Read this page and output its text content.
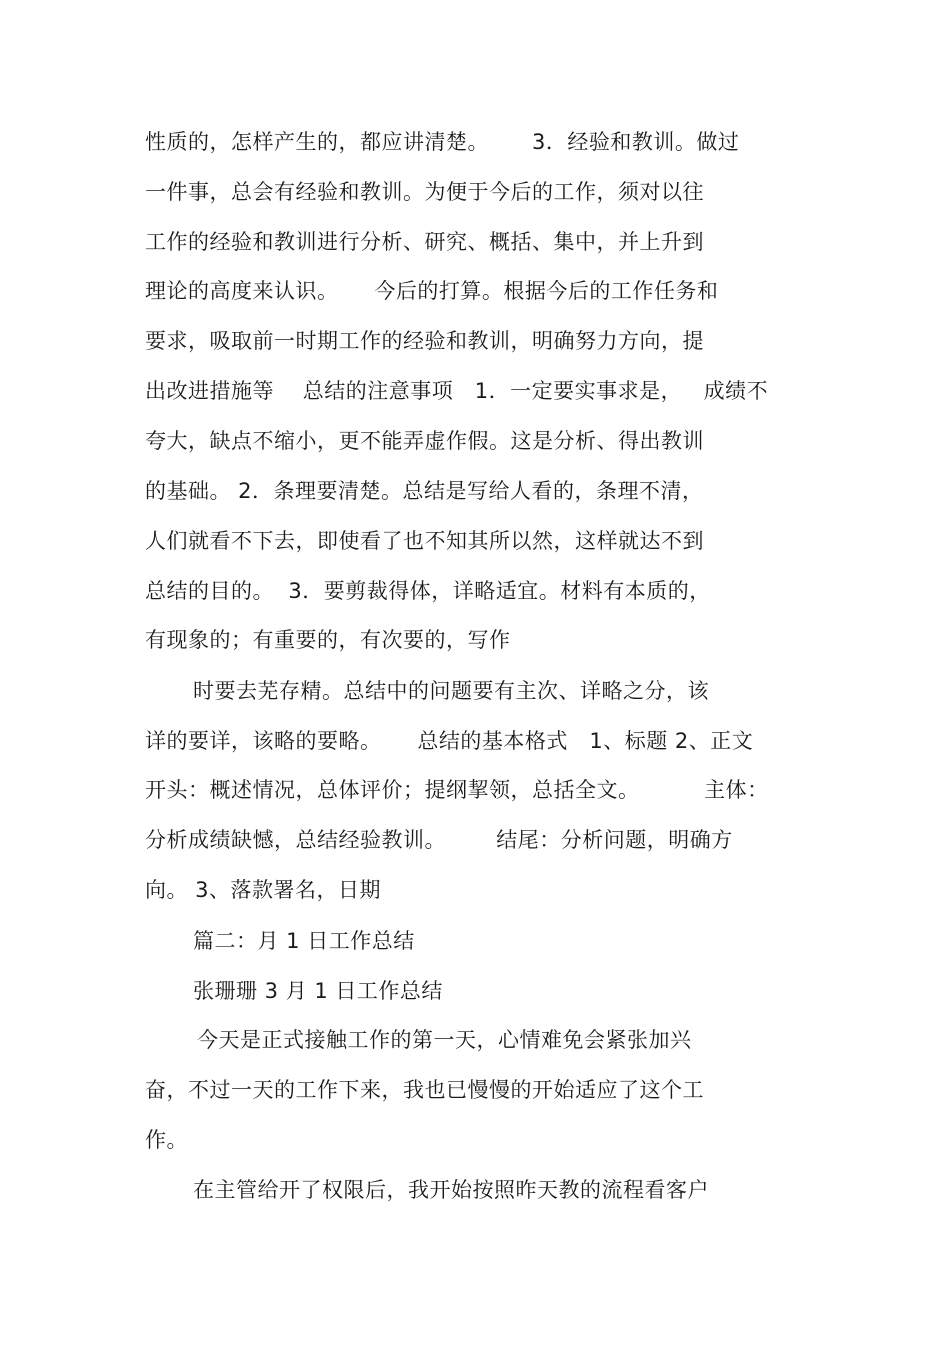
性质的，怎样产生的，都应讲清楚。      3．经验和教训。做过
一件事，总会有经验和教训。为便于今后的工作，须对以往
工作的经验和教训进行分析、研究、概括、集中，并上升到
理论的高度来认识。     今后的打算。根据今后的工作任务和
要求，吸取前一时期工作的经验和教训，明确努力方向，提
出改进措施等    总结的注意事项   1．一定要实事求是，   成绩不
夸大，缺点不缩小，更不能弄虚作假。这是分析、得出教训
的基础。 2．条理要清楚。总结是写给人看的，条理不清，
人们就看不下去，即使看了也不知其所以然，这样就达不到
总结的目的。  3．要剪裁得体，详略适宜。材料有本质的，
有现象的；有重要的，有次要的，写作
时要去芜存精。总结中的问题要有主次、详略之分，该
详的要详，该略的要略。     总结的基本格式   1、标题 2、正文
开头：概述情况，总体评价；提纲挈领，总括全文。         主体：
分析成绩缺憾，总结经验教训。       结尾：分析问题，明确方
向。 3、落款署名，日期
篇二：月 1 日工作总结
张珊珊 3 月 1 日工作总结
今天是正式接触工作的第一天，心情难免会紧张加兴
奋，不过一天的工作下来，我也已慢慢的开始适应了这个工
作。
在主管给开了权限后，我开始按照昨天教的流程看客户
